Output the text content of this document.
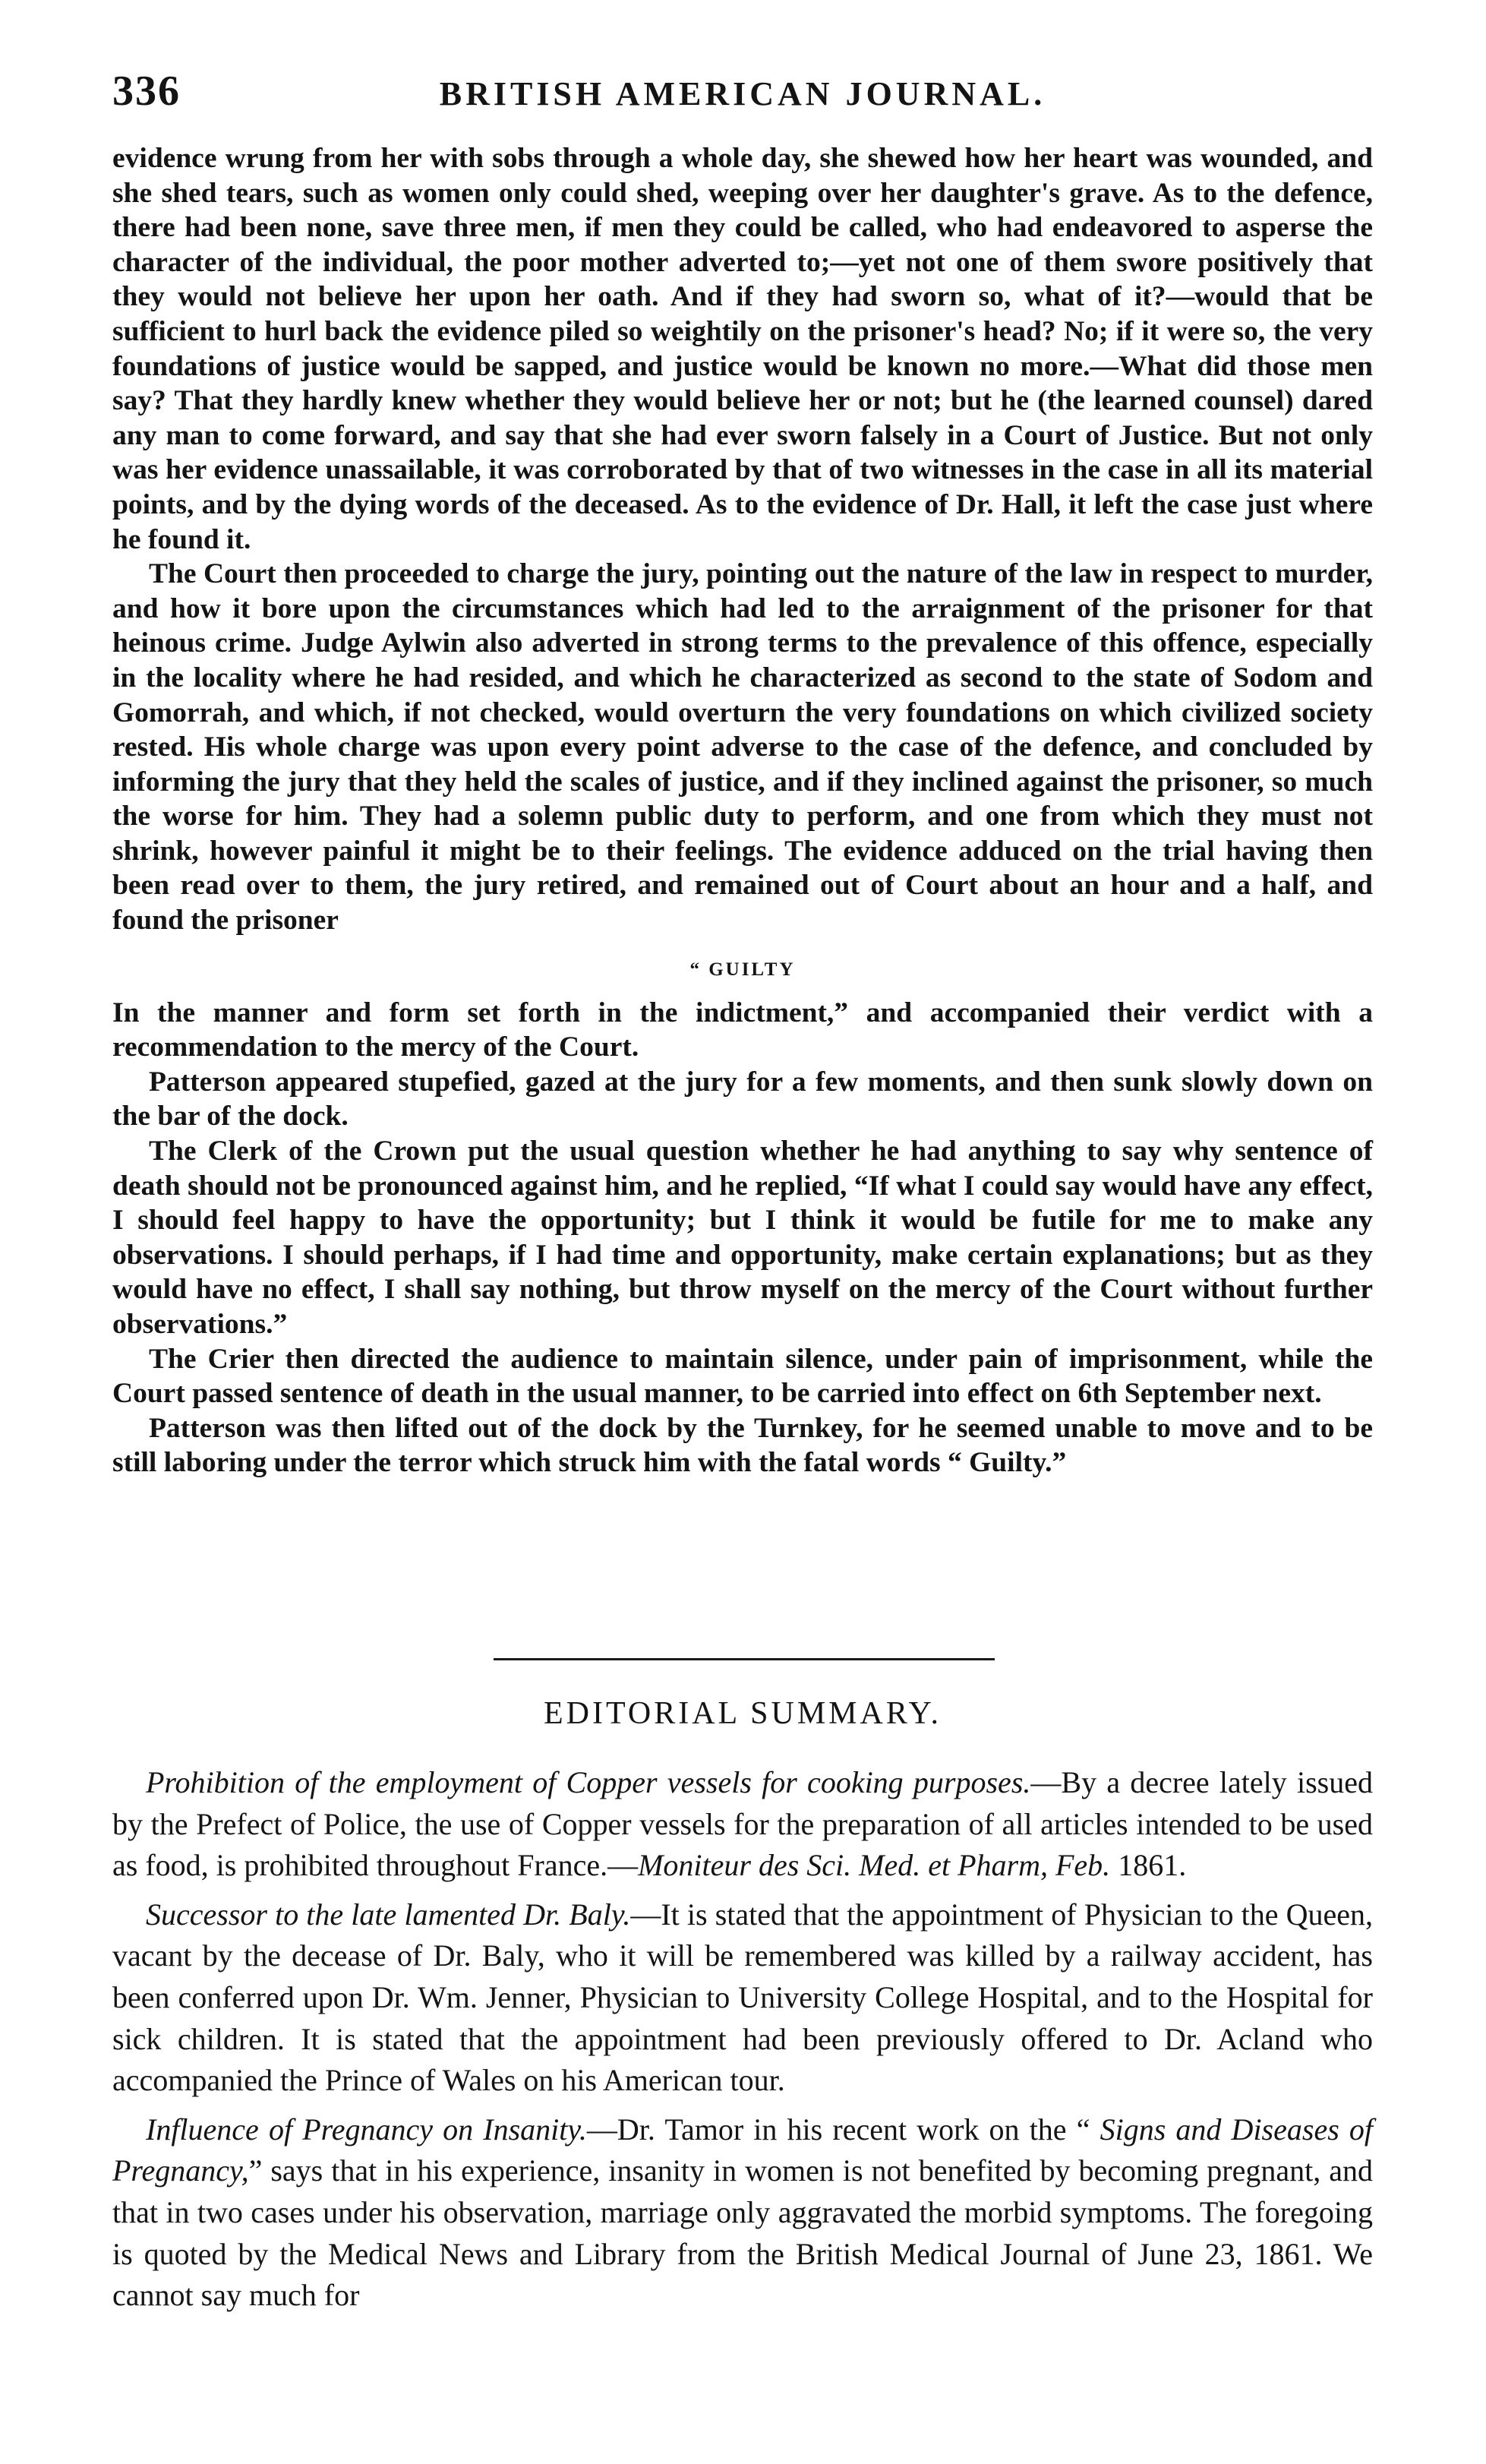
336	BRITISH AMERICAN JOURNAL.

evidence wrung from her with sobs through a whole day, she shewed how her heart was wounded, and she shed tears, such as women only could shed, weeping over her daughter's grave. As to the defence, there had been none, save three men, if men they could be called, who had endeavored to asperse the character of the individual, the poor mother adverted to;—yet not one of them swore positively that they would not believe her upon her oath. And if they had sworn so, what of it?—would that be sufficient to hurl back the evidence piled so weightily on the prisoner's head? No; if it were so, the very foundations of justice would be sapped, and justice would be known no more.—What did those men say? That they hardly knew whether they would believe her or not; but he (the learned counsel) dared any man to come forward, and say that she had ever sworn falsely in a Court of Justice. But not only was her evidence unassailable, it was corroborated by that of two witnesses in the case in all its material points, and by the dying words of the deceased. As to the evidence of Dr. Hall, it left the case just where he found it.

The Court then proceeded to charge the jury, pointing out the nature of the law in respect to murder, and how it bore upon the circumstances which had led to the arraignment of the prisoner for that heinous crime. Judge Aylwin also adverted in strong terms to the prevalence of this offence, especially in the locality where he had resided, and which he characterized as second to the state of Sodom and Gomorrah, and which, if not checked, would overturn the very foundations on which civilized society rested. His whole charge was upon every point adverse to the case of the defence, and concluded by informing the jury that they held the scales of justice, and if they inclined against the prisoner, so much the worse for him. They had a solemn public duty to perform, and one from which they must not shrink, however painful it might be to their feelings. The evidence adduced on the trial having then been read over to them, the jury retired, and remained out of Court about an hour and a half, and found the prisoner

“ GUILTY

In the manner and form set forth in the indictment,” and accompanied their verdict with a recommendation to the mercy of the Court.

Patterson appeared stupefied, gazed at the jury for a few moments, and then sunk slowly down on the bar of the dock.

The Clerk of the Crown put the usual question whether he had anything to say why sentence of death should not be pronounced against him, and he replied, “If what I could say would have any effect, I should feel happy to have the opportunity; but I think it would be futile for me to make any observations. I should perhaps, if I had time and opportunity, make certain explanations; but as they would have no effect, I shall say nothing, but throw myself on the mercy of the Court without further observations.”

The Crier then directed the audience to maintain silence, under pain of imprisonment, while the Court passed sentence of death in the usual manner, to be carried into effect on 6th September next.

Patterson was then lifted out of the dock by the Turnkey, for he seemed unable to move and to be still laboring under the terror which struck him with the fatal words “ Guilty.”

EDITORIAL SUMMARY.

Prohibition of the employment of Copper vessels for cooking purposes.—By a decree lately issued by the Prefect of Police, the use of Copper vessels for the preparation of all articles intended to be used as food, is prohibited throughout France.—Moniteur des Sci. Med. et Pharm, Feb. 1861.

Successor to the late lamented Dr. Baly.—It is stated that the appointment of Physician to the Queen, vacant by the decease of Dr. Baly, who it will be remembered was killed by a railway accident, has been conferred upon Dr. Wm. Jenner, Physician to University College Hospital, and to the Hospital for sick children. It is stated that the appointment had been previously offered to Dr. Acland who accompanied the Prince of Wales on his American tour.

Influence of Pregnancy on Insanity.—Dr. Tamor in his recent work on the “ Signs and Diseases of Pregnancy,” says that in his experience, insanity in women is not benefited by becoming pregnant, and that in two cases under his observation, marriage only aggravated the morbid symptoms. The foregoing is quoted by the Medical News and Library from the British Medical Journal of June 23, 1861. We cannot say much for
